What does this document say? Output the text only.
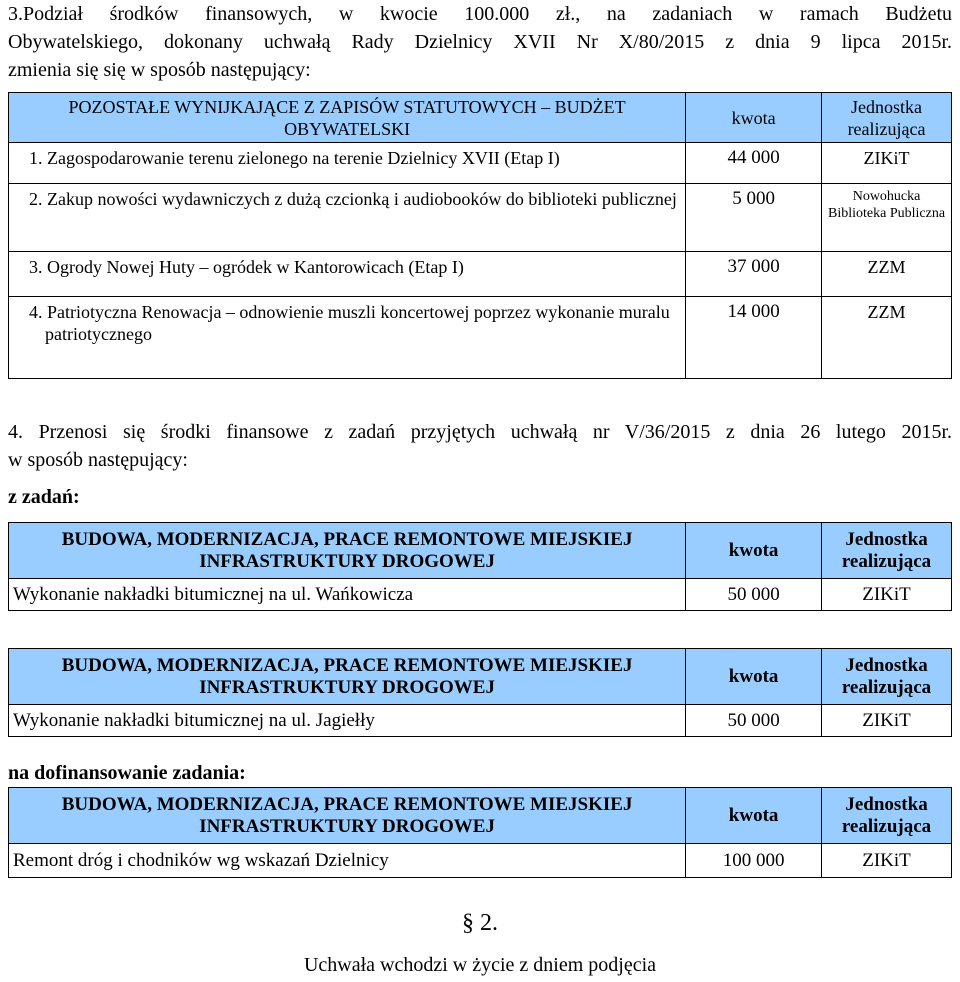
3.Podział środków finansowych, w kwocie 100.000 zł., na zadaniach w ramach Budżetu
Obywatelskiego, dokonany uchwałą Rady Dzielnicy XVII Nr X/80/2015 z dnia 9 lipca 2015r.
zmienia się się w sposób następujący:
POZOSTAŁE WYNIJKAJĄCE Z ZAPISÓW STATUTOWYCH – BUDŻET OBYWATELSKI	kwota	Jednostka realizująca
1. Zagospodarowanie terenu zielonego na terenie Dzielnicy XVII (Etap I)	44 000	ZIKiT
2. Zakup nowości wydawniczych z dużą czcionką i audiobooków do biblioteki publicznej	5 000	Nowohucka Biblioteka Publiczna
3. Ogrody Nowej Huty – ogródek w Kantorowicach (Etap I)	37 000	ZZM
4. Patriotyczna Renowacja – odnowienie muszli koncertowej poprzez wykonanie muralu patriotycznego	14 000	ZZM
4. Przenosi się środki finansowe z zadań przyjętych uchwałą nr V/36/2015 z dnia 26 lutego 2015r.
w sposób następujący:
z zadań:
BUDOWA, MODERNIZACJA, PRACE REMONTOWE MIEJSKIEJ INFRASTRUKTURY DROGOWEJ	kwota	Jednostka realizująca
Wykonanie nakładki bitumicznej na ul. Wańkowicza	50 000	ZIKiT
BUDOWA, MODERNIZACJA, PRACE REMONTOWE MIEJSKIEJ INFRASTRUKTURY DROGOWEJ	kwota	Jednostka realizująca
Wykonanie nakładki bitumicznej na ul. Jagiełły	50 000	ZIKiT
na dofinansowanie zadania:
BUDOWA, MODERNIZACJA, PRACE REMONTOWE MIEJSKIEJ INFRASTRUKTURY DROGOWEJ	kwota	Jednostka realizująca
Remont dróg i chodników wg wskazań Dzielnicy	100 000	ZIKiT
§ 2.
Uchwała wchodzi w życie z dniem podjęcia
